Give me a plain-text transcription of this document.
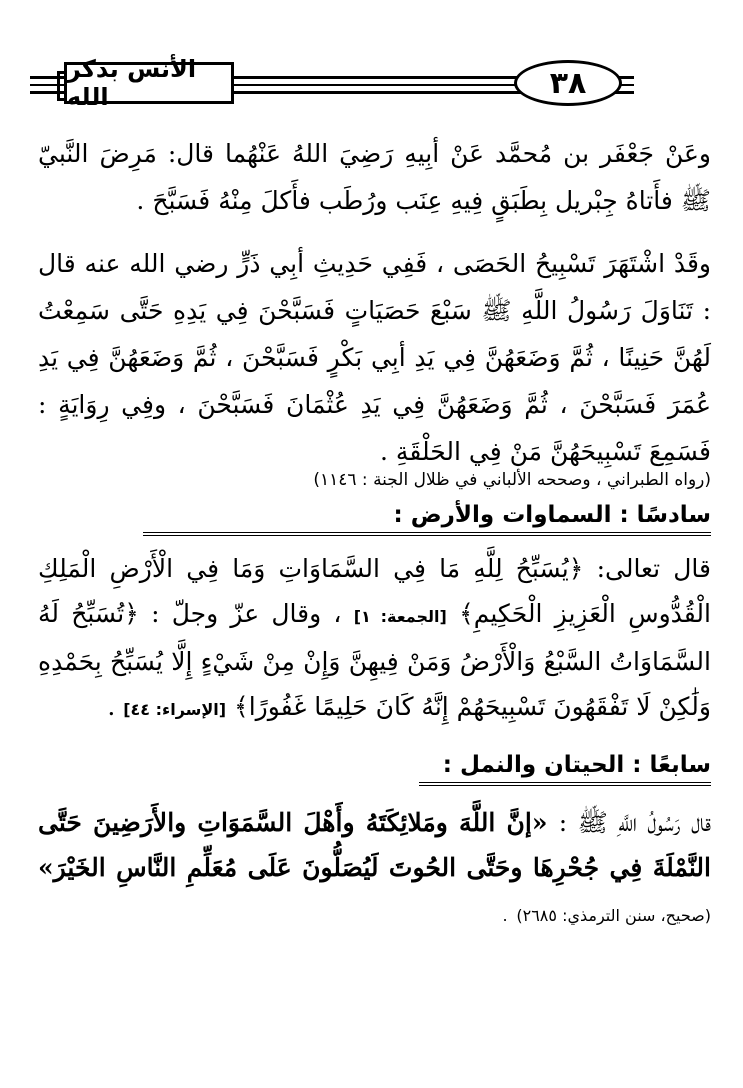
الأنس بذكر الله	٣٨
وعَنْ جَعْفَر بن مُحمَّد عَنْ أبِيهِ رَضِيَ اللهُ عَنْهُما قال: مَرِضَ النَّبيّ ﷺ فأَتاهُ جِبْريل بِطَبَقٍ فِيهِ عِنَب ورُطَب فأَكلَ مِنْهُ فَسَبَّحَ .
وقَدْ اشْتَهَرَ تَسْبِيحُ الحَصَى ، فَفِي حَدِيثِ أبِي ذَرٍّ رضي الله عنه قال : تَنَاوَلَ رَسُولُ اللَّهِ ﷺ سَبْعَ حَصَيَاتٍ فَسَبَّحْنَ فِي يَدِهِ حَتَّى سَمِعْتُ لَهُنَّ حَنِينًا ، ثُمَّ وَضَعَهُنَّ فِي يَدِ أبِي بَكْرٍ فَسَبَّحْنَ ، ثُمَّ وَضَعَهُنَّ فِي يَدِ عُمَرَ فَسَبَّحْنَ ، ثُمَّ وَضَعَهُنَّ فِي يَدِ عُثْمَانَ فَسَبَّحْنَ ، وفِي رِوَايَةٍ : فَسَمِعَ تَسْبِيحَهُنَّ مَنْ فِي الحَلْقَةِ .
(رواه الطبراني ، وصححه الألباني في ظلال الجنة : ١١٤٦)
سادسًا : السماوات والأرض :
قال تعالى: ﴿يُسَبِّحُ لِلَّهِ مَا فِي السَّمَاوَاتِ وَمَا فِي الْأَرْضِ الْمَلِكِ الْقُدُّوسِ الْعَزِيزِ الْحَكِيمِ﴾ [الجمعة: ١] ، وقال عزّ وجلّ : ﴿تُسَبِّحُ لَهُ السَّمَاوَاتُ السَّبْعُ وَالْأَرْضُ وَمَنْ فِيهِنَّ وَإِنْ مِنْ شَيْءٍ إِلَّا يُسَبِّحُ بِحَمْدِهِ وَلَٰكِنْ لَا تَفْقَهُونَ تَسْبِيحَهُمْ إِنَّهُ كَانَ حَلِيمًا غَفُورًا﴾ [الإسراء: ٤٤] .
سابعًا : الحيتان والنمل :
قال رَسُولُ اللَّهِ ﷺ : «إنَّ اللَّهَ ومَلائِكَتَهُ وأَهْلَ السَّمَوَاتِ والأَرَضِينَ حَتَّى النَّمْلَةَ فِي جُحْرِهَا وحَتَّى الحُوتَ لَيُصَلُّونَ عَلَى مُعَلِّمِ النَّاسِ الخَيْرَ» (صحيح، سنن الترمذي: ٢٦٨٥) .
